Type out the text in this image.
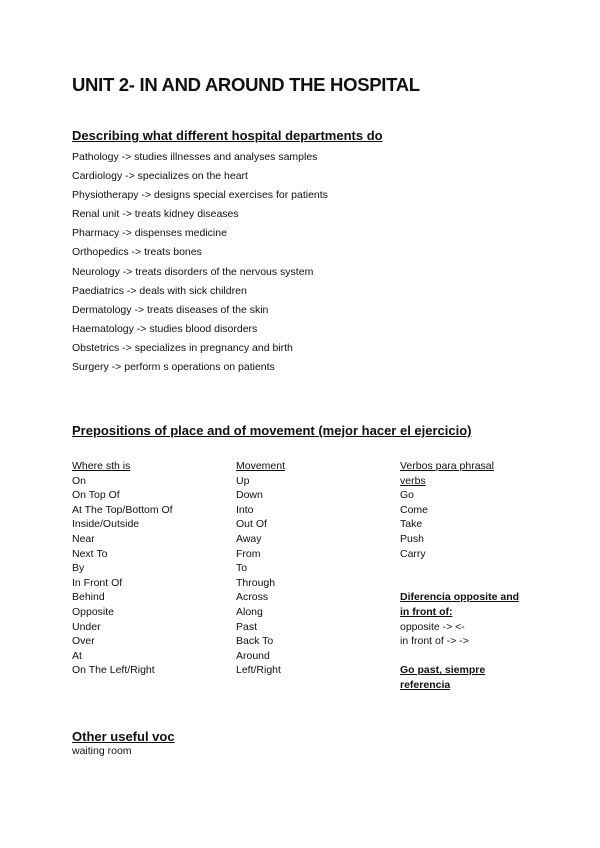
UNIT 2- IN AND AROUND THE HOSPITAL
Describing what different hospital departments do
Pathology -> studies illnesses and analyses samples
Cardiology -> specializes on the heart
Physiotherapy -> designs special exercises for patients
Renal unit -> treats kidney diseases
Pharmacy -> dispenses medicine
Orthopedics -> treats bones
Neurology -> treats disorders of the nervous system
Paediatrics -> deals with sick children
Dermatology -> treats diseases of the skin
Haematology -> studies blood disorders
Obstetrics -> specializes in pregnancy and birth
Surgery -> perform s operations on patients
Prepositions of place and of movement (mejor hacer el ejercicio)
Where sth is
On
On Top Of
At The Top/Bottom Of
Inside/Outside
Near
Next To
By
In Front Of
Behind
Opposite
Under
Over
At
On The Left/Right
Movement
Up
Down
Into
Out Of
Away
From
To
Through
Across
Along
Past
Back To
Around
Left/Right
Verbos para phrasal
verbs
Go
Come
Take
Push
Carry
Diferencia opposite and
in front of:
opposite -> <-
in front of -> ->
Go past, siempre
referencia
Other useful voc
waiting room
